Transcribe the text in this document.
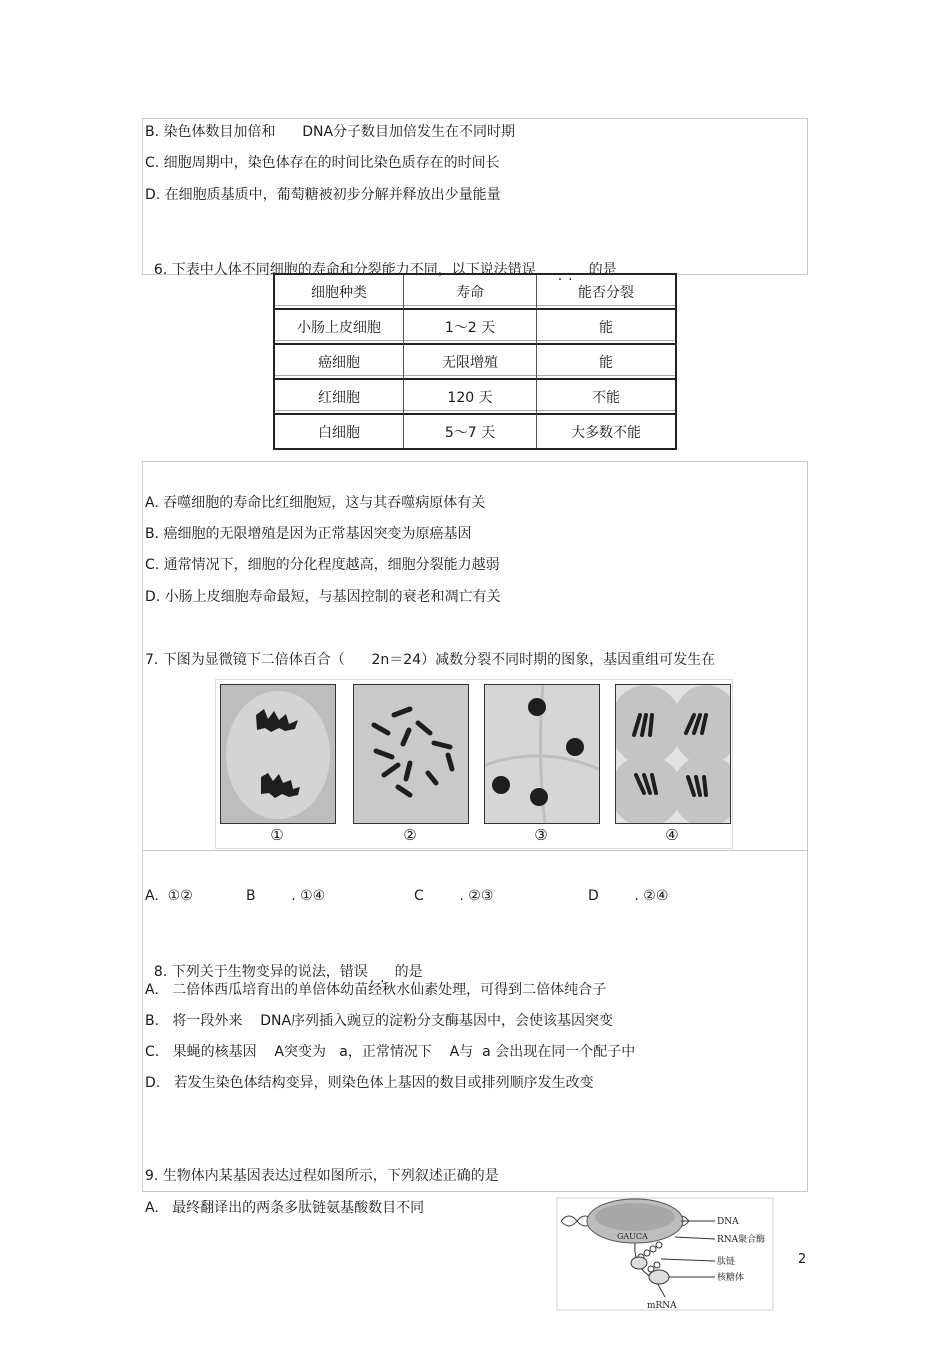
B. 染色体数目加倍和      DNA分子数目加倍发生在不同时期
C. 细胞周期中，染色体存在的时间比染色质存在的时间长
D. 在细胞质基质中，葡萄糖被初步分解并释放出少量能量

6. 下表中人体不同细胞的寿命和分裂能力不同，以下说法错误 .. 的是

细胞种类	寿命	能否分裂
小肠上皮细胞	1～2 天	能
癌细胞	无限增殖	能
红细胞	120 天	不能
白细胞	5～7 天	大多数不能
A. 吞噬细胞的寿命比红细胞短，这与其吞噬病原体有关
B. 癌细胞的无限增殖是因为正常基因突变为原癌基因
C. 通常情况下，细胞的分化程度越高，细胞分裂能力越弱
D. 小肠上皮细胞寿命最短，与基因控制的衰老和凋亡有关
7. 下图为显微镜下二倍体百合（      2n＝24）减数分裂不同时期的图象，基因重组可发生在
①	②	③	④
A.  ①②	B        . ①④	C        . ②③	D        . ②④

8. 下列关于生物变异的说法，错误 .. 的是

A.   二倍体西瓜培育出的单倍体幼苗经秋水仙素处理，可得到二倍体纯合子
B.   将一段外来    DNA序列插入豌豆的淀粉分支酶基因中，会使该基因突变
C.   果蝇的核基因    A突变为   a，正常情况下    A与  a 会出现在同一个配子中
D.   若发生染色体结构变异，则染色体上基因的数目或排列顺序发生改变
9. 生物体内某基因表达过程如图所示，下列叙述正确的是
A.   最终翻译出的两条多肽链氨基酸数目不同
GAUCA
DNA
RNA聚合酶
肽链
核糖体
mRNA
2
